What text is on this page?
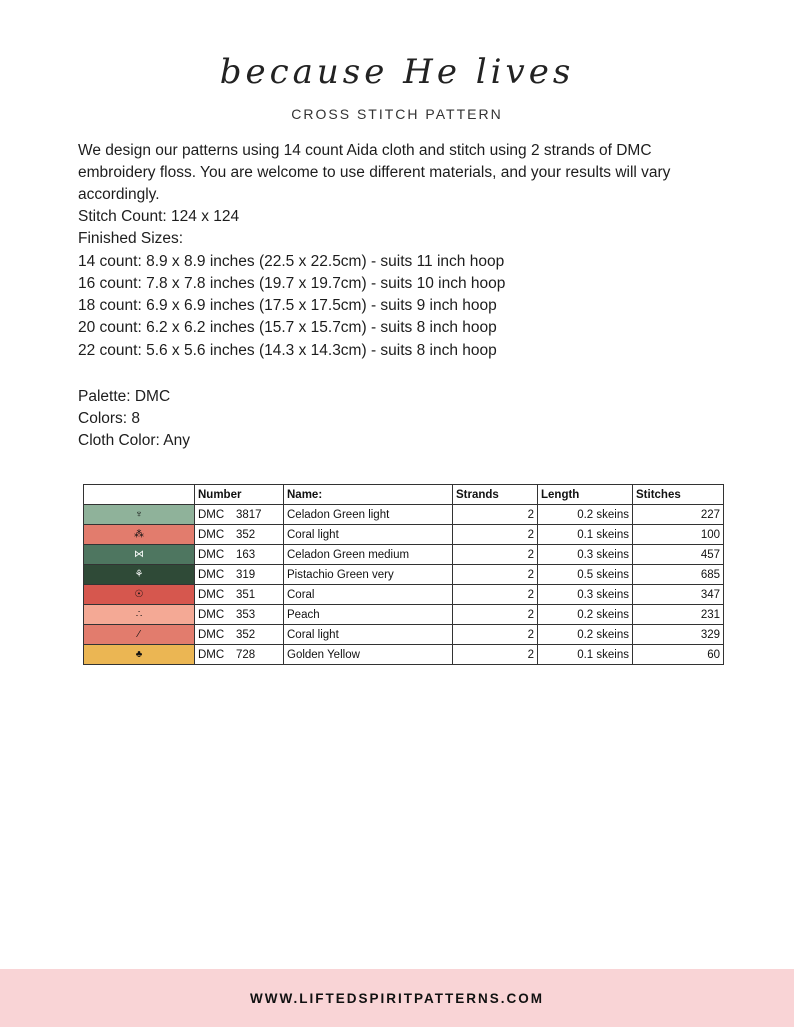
because He lives
CROSS STITCH PATTERN

We design our patterns using 14 count Aida cloth and stitch using 2 strands of DMC embroidery floss. You are welcome to use different materials, and your results will vary accordingly.

Stitch Count: 124 x 124
Finished Sizes:
14 count: 8.9 x 8.9 inches (22.5 x 22.5cm) - suits 11 inch hoop
16 count: 7.8 x 7.8 inches (19.7 x 19.7cm) - suits 10 inch hoop
18 count: 6.9 x 6.9 inches (17.5 x 17.5cm) - suits 9 inch hoop
20 count: 6.2 x 6.2 inches (15.7 x 15.7cm) - suits 8 inch hoop
22 count: 5.6 x 5.6 inches (14.3 x 14.3cm) - suits 8 inch hoop
Palette: DMC
Colors: 8
Cloth Color: Any
	Number	Name:	Strands	Length	Stitches
♆	DMC 3817	Celadon Green light	2	0.2 skeins	227
⁂	DMC 352	Coral light	2	0.1 skeins	100
⋈	DMC 163	Celadon Green medium	2	0.3 skeins	457
⚘	DMC 319	Pistachio Green very	2	0.5 skeins	685
☉	DMC 351	Coral	2	0.3 skeins	347
∴	DMC 353	Peach	2	0.2 skeins	231
⁄	DMC 352	Coral light	2	0.2 skeins	329
♣	DMC 728	Golden Yellow	2	0.1 skeins	60
WWW.LIFTEDSPIRITPATTERNS.COM
